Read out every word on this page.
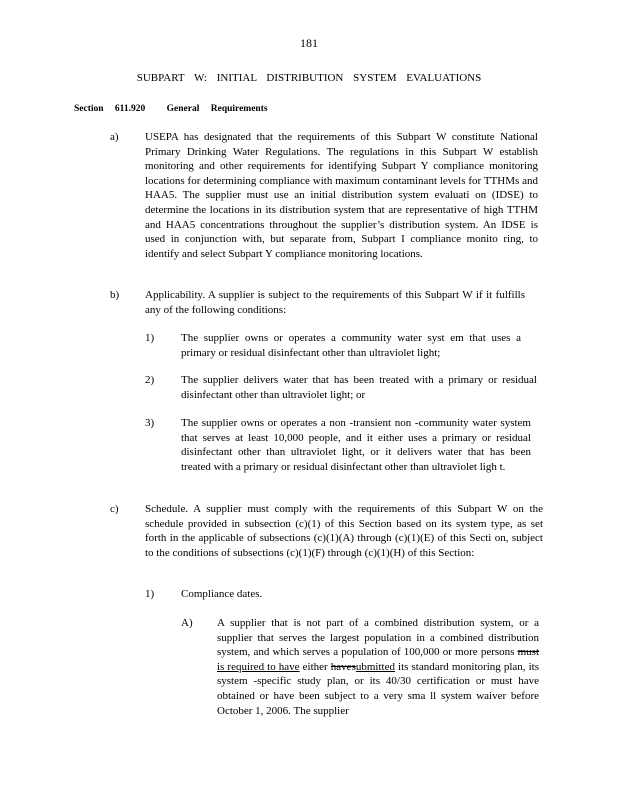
181
SUBPART W: INITIAL DISTRIBUTION SYSTEM EVALUATIONS
Section 611.920 General Requirements
a) USEPA has designated that the requirements of this Subpart W constitute National Primary Drinking Water Regulations. The regulations in this Subpart W establish monitoring and other requirements for identifying Subpart Y compliance monitoring locations for determining compliance with maximum contaminant levels for TTHMs and HAA5. The supplier must use an initial distribution system evaluati on (IDSE) to determine the locations in its distribution system that are representative of high TTHM and HAA5 concentrations throughout the supplier’s distribution system. An IDSE is used in conjunction with, but separate from, Subpart I compliance monito ring, to identify and select Subpart Y compliance monitoring locations.
b) Applicability. A supplier is subject to the requirements of this Subpart W if it fulfills any of the following conditions:
1) The supplier owns or operates a community water syst em that uses a primary or residual disinfectant other than ultraviolet light;
2) The supplier delivers water that has been treated with a primary or residual disinfectant other than ultraviolet light; or
3) The supplier owns or operates a non -transient non -community water system that serves at least 10,000 people, and it either uses a primary or residual disinfectant other than ultraviolet light, or it delivers water that has been treated with a primary or residual disinfectant other than ultraviolet ligh t.
c) Schedule. A supplier must comply with the requirements of this Subpart W on the schedule provided in subsection (c)(1) of this Section based on its system type, as set forth in the applicable of subsections (c)(1)(A) through (c)(1)(E) of this Secti on, subject to the conditions of subsections (c)(1)(F) through (c)(1)(H) of this Section:
1) Compliance dates.
A) A supplier that is not part of a combined distribution system, or a supplier that serves the largest population in a combined distribution system, and which serves a population of 100,000 or more persons must is required to have either havesubmitted its standard monitoring plan, its system -specific study plan, or its 40/30 certification or must have obtained or have been subject to a very sma ll system waiver before October 1, 2006. The supplier
